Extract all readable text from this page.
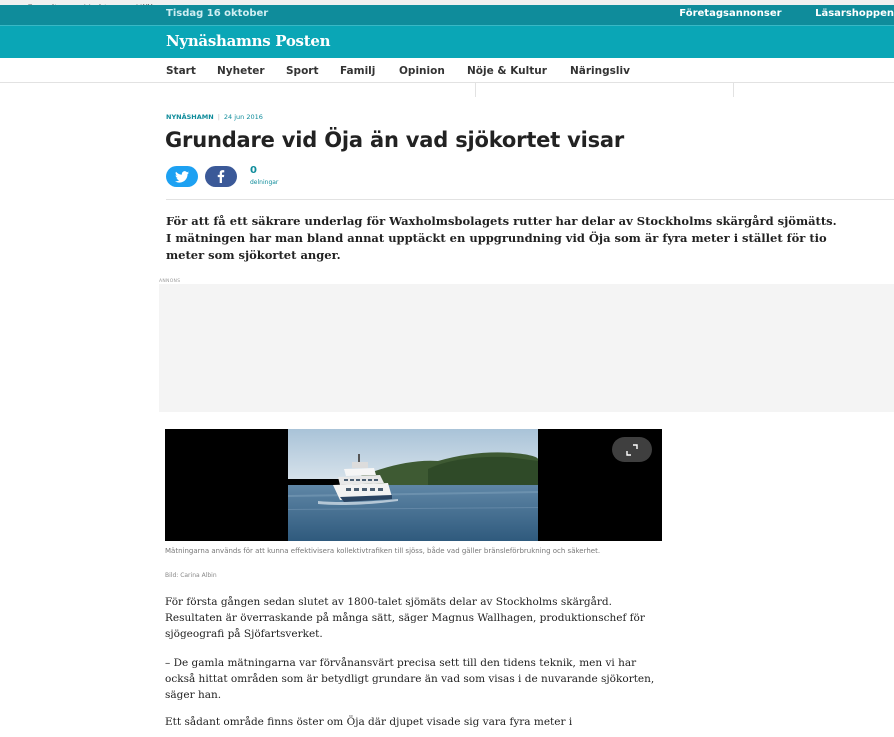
Tisdag 16 oktober	Företagsannonser	Läsarshoppen
Nynäshamns Posten
Start Nyheter Sport Familj Opinion Nöje & Kultur Näringsliv
NYNÄSHAMN | 24 jun 2016
Grundare vid Öja än vad sjökortet visar
0
delningar

För att få ett säkrare underlag för Waxholmsbolagets rutter har delar av Stockholms skärgård sjömätts. I mätningen har man bland annat upptäckt en uppgrundning vid Öja som är fyra meter i stället för tio meter som sjökortet anger.

ANNONS

Mätningarna används för att kunna effektivisera kollektivtrafiken till sjöss, både vad gäller bränsleförbrukning och säkerhet.

Bild: Carina Albin

För första gången sedan slutet av 1800-talet sjömäts delar av Stockholms skärgård. Resultaten är överraskande på många sätt, säger Magnus Wallhagen, produktionschef för sjögeografi på Sjöfartsverket.

– De gamla mätningarna var förvånansvärt precisa sett till den tidens teknik, men vi har också hittat områden som är betydligt grundare än vad som visas i de nuvarande sjökorten, säger han.

Ett sådant område finns öster om Öja där djupet visade sig vara fyra meter i
